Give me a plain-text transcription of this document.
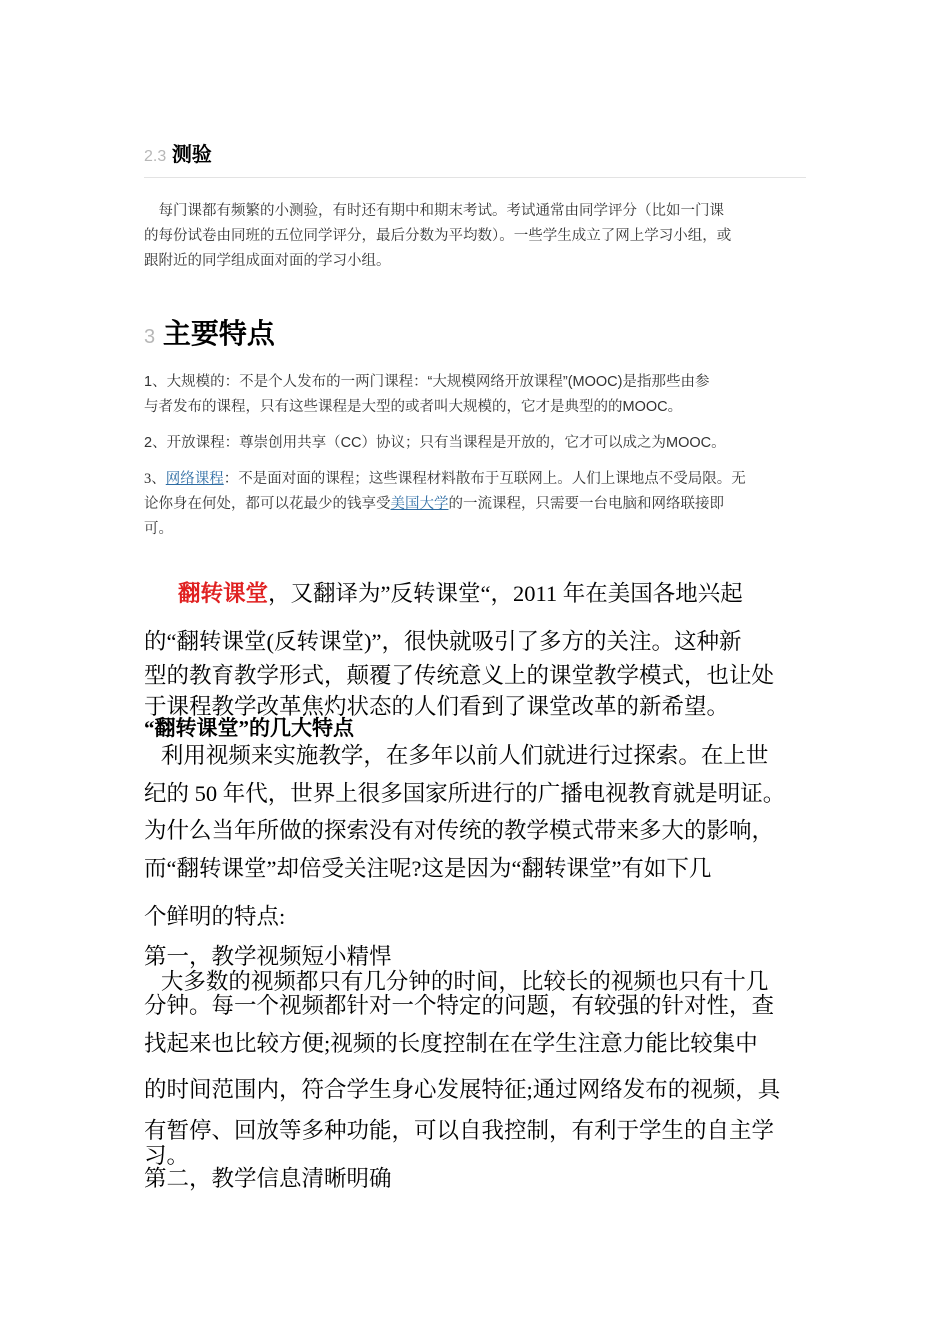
2.3 测验
每门课都有频繁的小测验，有时还有期中和期末考试。考试通常由同学评分（比如一门课
的每份试卷由同班的五位同学评分，最后分数为平均数）。一些学生成立了网上学习小组，或
跟附近的同学组成面对面的学习小组。
3 主要特点
1、大规模的：不是个人发布的一两门课程：“大规模网络开放课程”(MOOC)是指那些由参
与者发布的课程，只有这些课程是大型的或者叫大规模的，它才是典型的的MOOC。
2、开放课程：尊崇创用共享（CC）协议；只有当课程是开放的，它才可以成之为MOOC。
3、网络课程：不是面对面的课程；这些课程材料散布于互联网上。人们上课地点不受局限。无
论你身在何处，都可以花最少的钱享受美国大学的一流课程，只需要一台电脑和网络联接即
可。
翻转课堂，又翻译为”反转课堂“，2011 年在美国各地兴起
的“翻转课堂(反转课堂)”，很快就吸引了多方的关注。这种新
型的教育教学形式，颠覆了传统意义上的课堂教学模式，也让处
于课程教学改革焦灼状态的人们看到了课堂改革的新希望。
“翻转课堂”的几大特点
利用视频来实施教学，在多年以前人们就进行过探索。在上世
纪的 50 年代，世界上很多国家所进行的广播电视教育就是明证。
为什么当年所做的探索没有对传统的教学模式带来多大的影响，
而“翻转课堂”却倍受关注呢?这是因为“翻转课堂”有如下几
个鲜明的特点:
第一，教学视频短小精悍
大多数的视频都只有几分钟的时间，比较长的视频也只有十几
分钟。每一个视频都针对一个特定的问题，有较强的针对性，查
找起来也比较方便;视频的长度控制在在学生注意力能比较集中
的时间范围内，符合学生身心发展特征;通过网络发布的视频，具
有暂停、回放等多种功能，可以自我控制，有利于学生的自主学
习。
第二，教学信息清晰明确
